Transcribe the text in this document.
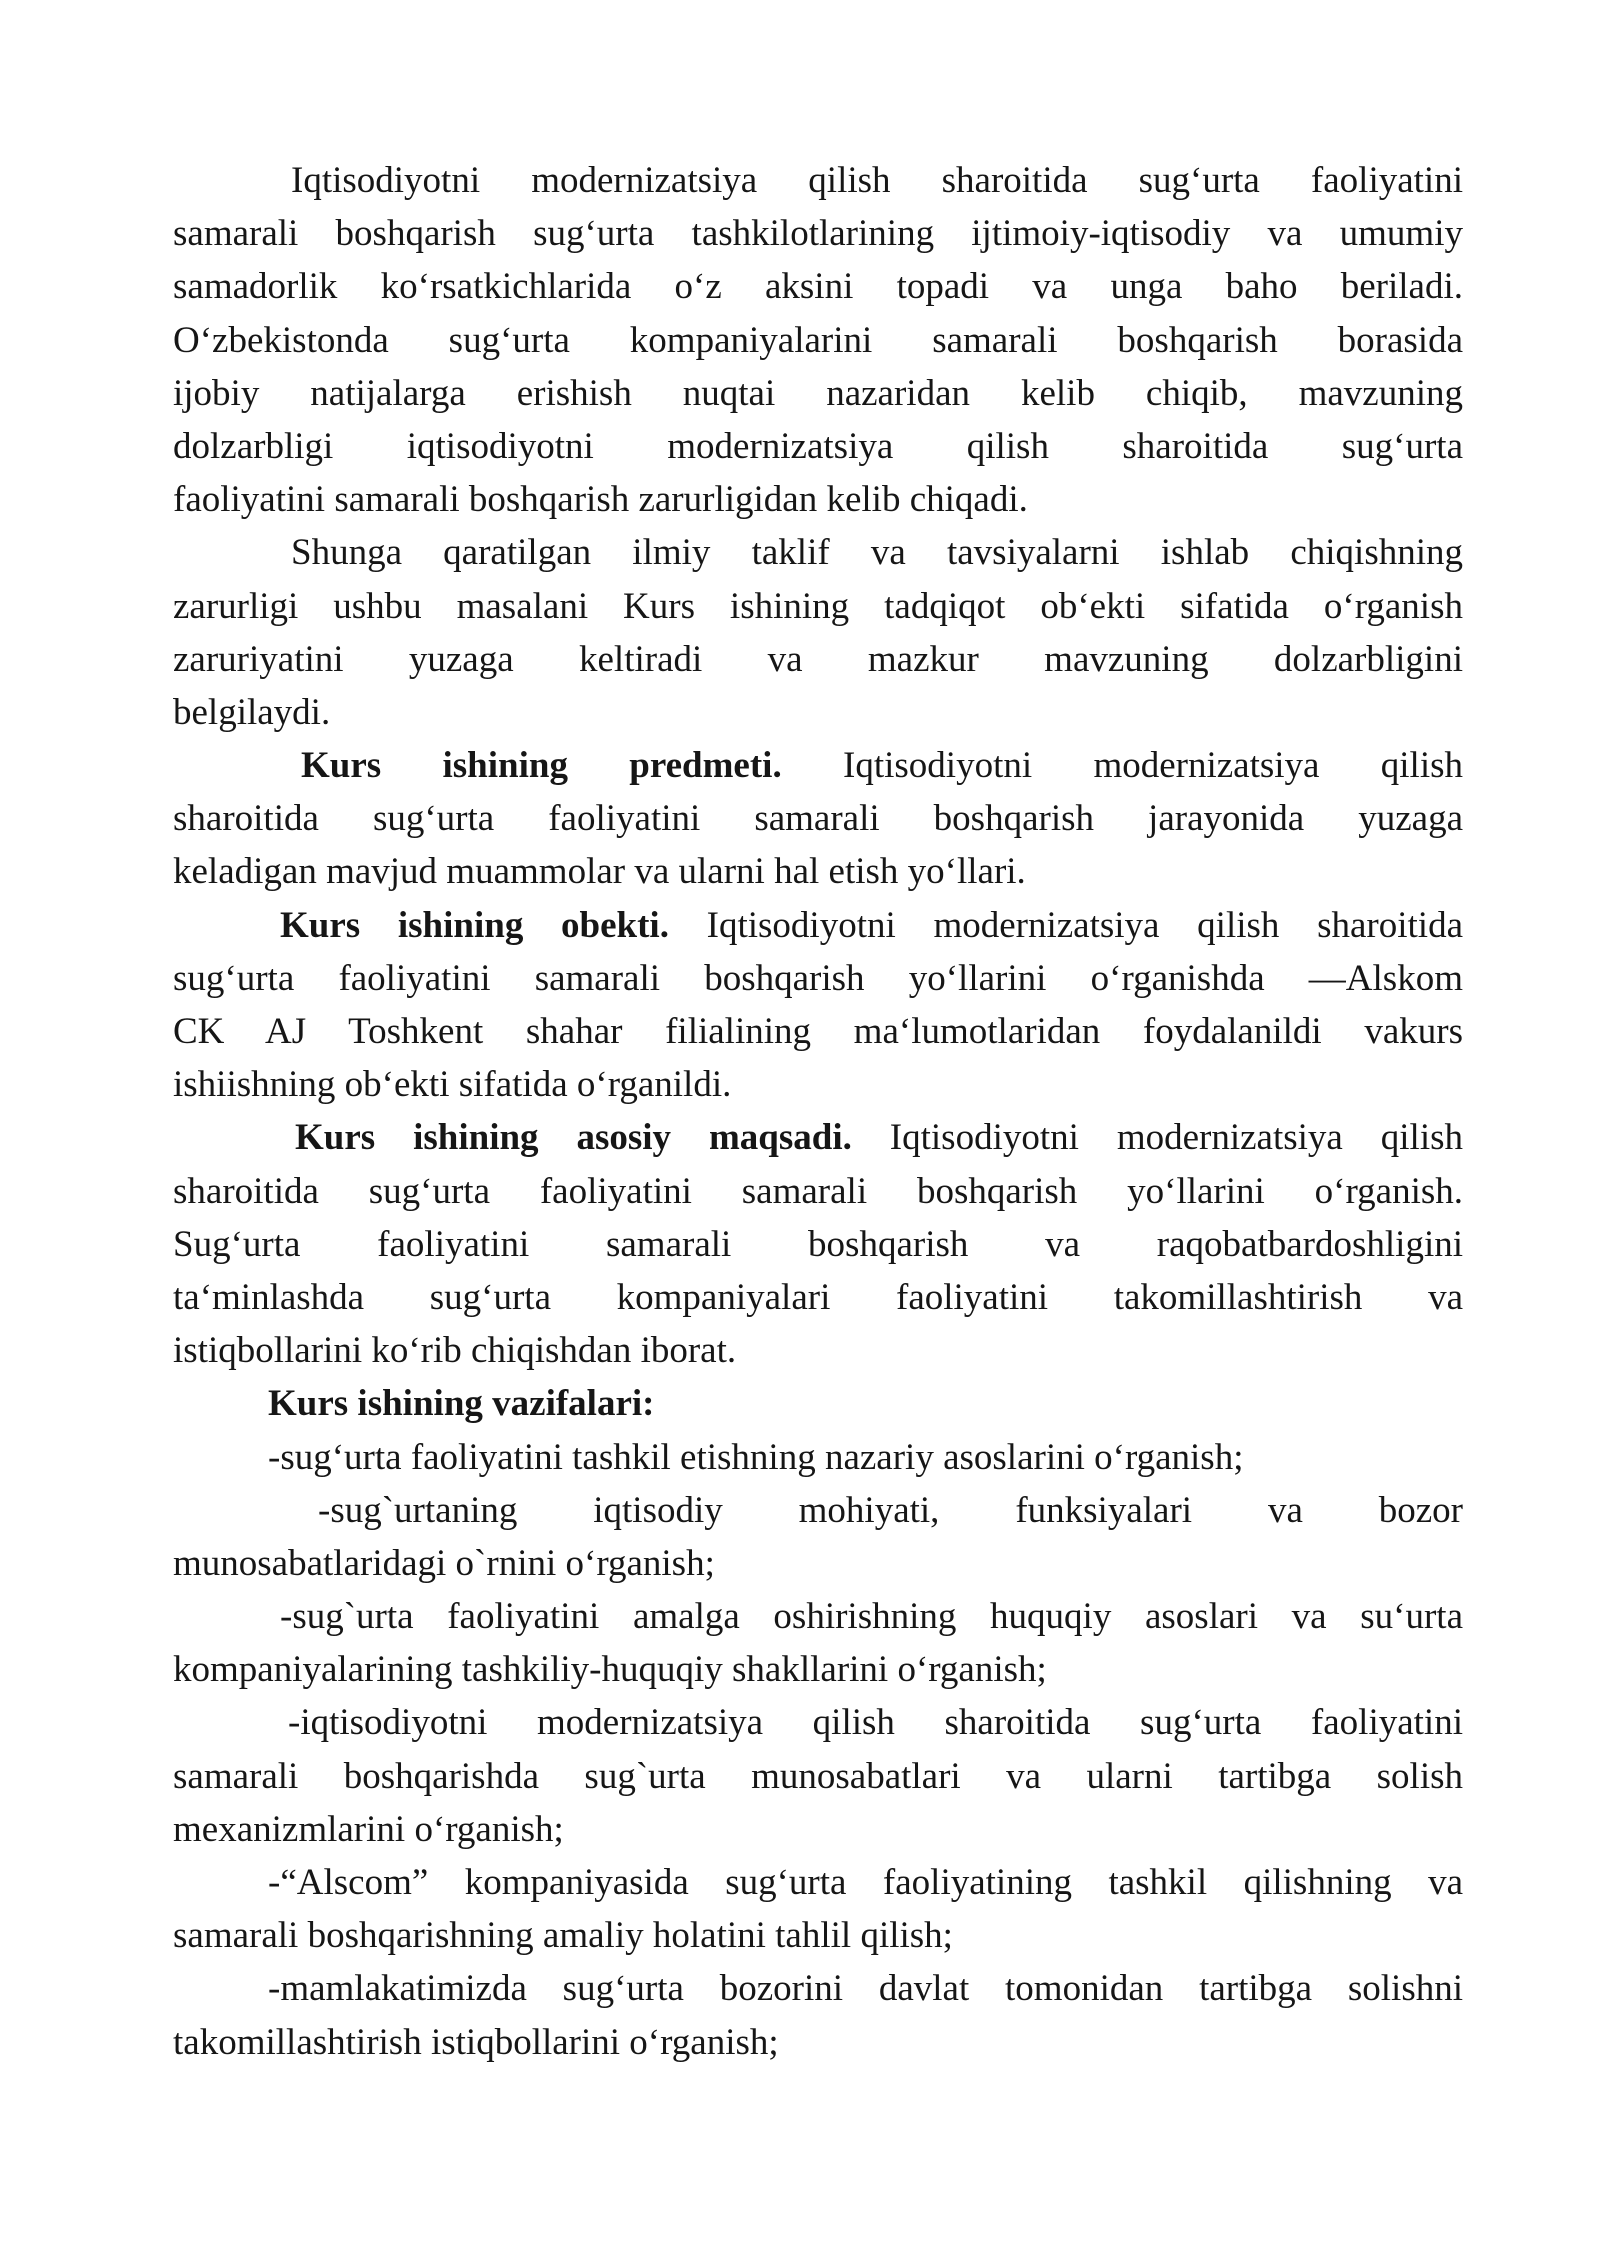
Iqtisodiyotni modernizatsiya qilish sharoitida sug‘urta faoliyatini
samarali boshqarish sug‘urta tashkilotlarining ijtimoiy-iqtisodiy va umumiy
samadorlik ko‘rsatkichlarida o‘z aksini topadi va unga baho beriladi.
O‘zbekistonda sug‘urta kompaniyalarini samarali boshqarish borasida
ijobiy natijalarga erishish nuqtai nazaridan kelib chiqib, mavzuning
dolzarbligi iqtisodiyotni modernizatsiya qilish sharoitida sug‘urta
faoliyatini samarali boshqarish zarurligidan kelib chiqadi.
Shunga qaratilgan ilmiy taklif va tavsiyalarni ishlab chiqishning
zarurligi ushbu masalani Kurs ishining tadqiqot ob‘ekti sifatida o‘rganish
zaruriyatini yuzaga keltiradi va mazkur mavzuning dolzarbligini
belgilaydi.
Kurs ishining predmeti. Iqtisodiyotni modernizatsiya qilish
sharoitida sug‘urta faoliyatini samarali boshqarish jarayonida yuzaga
keladigan mavjud muammolar va ularni hal etish yo‘llari.
Kurs ishining obekti. Iqtisodiyotni modernizatsiya qilish sharoitida
sug‘urta faoliyatini samarali boshqarish yo‘llarini o‘rganishda —Alskom
CK AJ Toshkent shahar filialining ma‘lumotlaridan foydalanildi vakurs
ishiishning ob‘ekti sifatida o‘rganildi.
Kurs ishining asosiy maqsadi. Iqtisodiyotni modernizatsiya qilish
sharoitida sug‘urta faoliyatini samarali boshqarish yo‘llarini o‘rganish.
Sug‘urta faoliyatini samarali boshqarish va raqobatbardoshligini
ta‘minlashda sug‘urta kompaniyalari faoliyatini takomillashtirish va
istiqbollarini ko‘rib chiqishdan iborat.
Kurs ishining vazifalari:
-sug‘urta faoliyatini tashkil etishning nazariy asoslarini o‘rganish;
-sug`urtaning iqtisodiy mohiyati, funksiyalari va bozor
munosabatlaridagi o`rnini o‘rganish;
-sug`urta faoliyatini amalga oshirishning huquqiy asoslari va su‘urta
kompaniyalarining tashkiliy-huquqiy shakllarini o‘rganish;
-iqtisodiyotni modernizatsiya qilish sharoitida sug‘urta faoliyatini
samarali boshqarishda sug`urta munosabatlari va ularni tartibga solish
mexanizmlarini o‘rganish;
-“Alscom” kompaniyasida sug‘urta faoliyatining tashkil qilishning va
samarali boshqarishning amaliy holatini tahlil qilish;
-mamlakatimizda sug‘urta bozorini davlat tomonidan tartibga solishni
takomillashtirish istiqbollarini o‘rganish;
